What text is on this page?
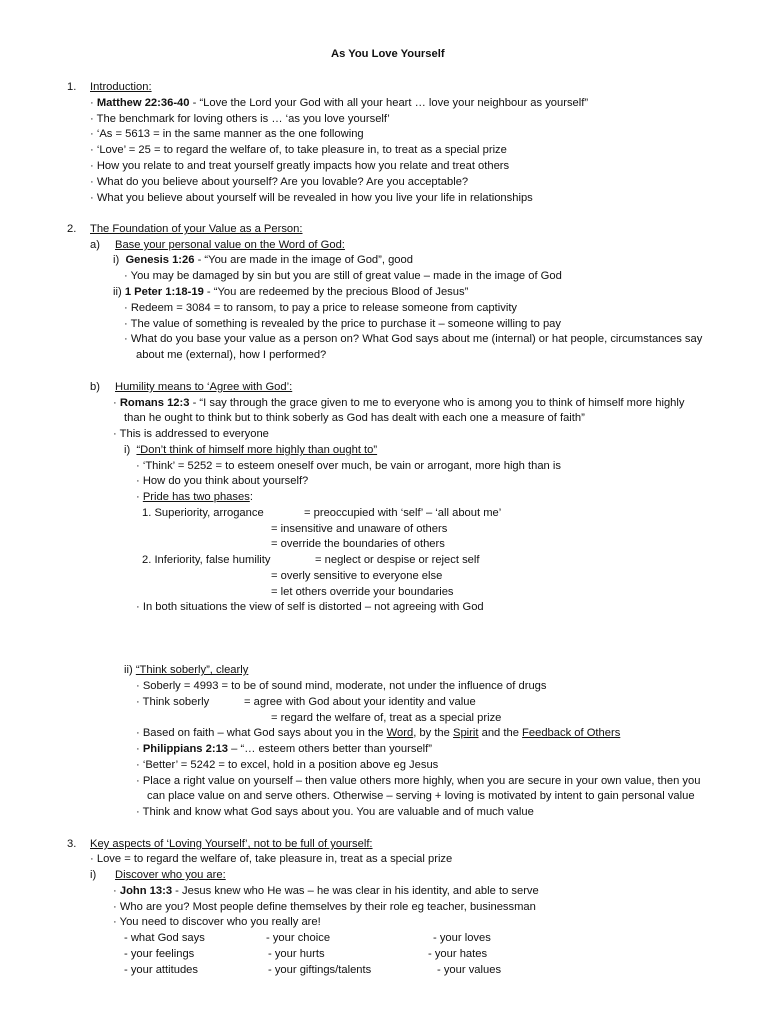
As You Love Yourself
1. Introduction:
· Matthew 22:36-40 - “Love the Lord your God with all your heart … love your neighbour as yourself”
· The benchmark for loving others is … ‘as you love yourself’
· ‘As = 5613 = in the same manner as the one following
· ‘Love’ = 25 = to regard the welfare of, to take pleasure in, to treat as a special prize
· How you relate to and treat yourself greatly impacts how you relate and treat others
· What do you believe about yourself? Are you lovable? Are you acceptable?
· What you believe about yourself will be revealed in how you live your life in relationships
2. The Foundation of your Value as a Person:
a) Base your personal value on the Word of God:
i) Genesis 1:26 - “You are made in the image of God”, good
· You may be damaged by sin but you are still of great value – made in the image of God
ii) 1 Peter 1:18-19 - “You are redeemed by the precious Blood of Jesus”
· Redeem = 3084 = to ransom, to pay a price to release someone from captivity
· The value of something is revealed by the price to purchase it – someone willing to pay
· What do you base your value as a person on? What God says about me (internal) or hat people, circumstances say
about me (external), how I performed?
b) Humility means to ‘Agree with God’:
· Romans 12:3 - “I say through the grace given to me to everyone who is among you to think of himself more highly
than he ought to think but to think soberly as God has dealt with each one a measure of faith”
· This is addressed to everyone
i) “Don’t think of himself more highly than ought to”
· ‘Think’ = 5252 = to esteem oneself over much, be vain or arrogant, more high than is
· How do you think about yourself?
· Pride has two phases:
1. Superiority, arrogance	= preoccupied with ‘self’ – ‘all about me’
= insensitive and unaware of others
= override the boundaries of others
2. Inferiority, false humility	= neglect or despise or reject self
= overly sensitive to everyone else
= let others override your boundaries
· In both situations the view of self is distorted – not agreeing with God
ii) “Think soberly”, clearly
· Soberly = 4993 = to be of sound mind, moderate, not under the influence of drugs
· Think soberly	= agree with God about your identity and value
= regard the welfare of, treat as a special prize
· Based on faith – what God says about you in the Word, by the Spirit and the Feedback of Others
· Philippians 2:13 – “… esteem others better than yourself”
· ‘Better’ = 5242 = to excel, hold in a position above eg Jesus
· Place a right value on yourself – then value others more highly, when you are secure in your own value, then you
can place value on and serve others. Otherwise – serving + loving is motivated by intent to gain personal value
· Think and know what God says about you. You are valuable and of much value
3. Key aspects of ‘Loving Yourself’, not to be full of yourself:
· Love = to regard the welfare of, take pleasure in, treat as a special prize
i) Discover who you are:
· John 13:3 - Jesus knew who He was – he was clear in his identity, and able to serve
· Who are you? Most people define themselves by their role eg teacher, businessman
· You need to discover who you really are!
- what God says	- your choice	- your loves
- your feelings	- your hurts	- your hates
- your attitudes	- your giftings/talents	- your values
